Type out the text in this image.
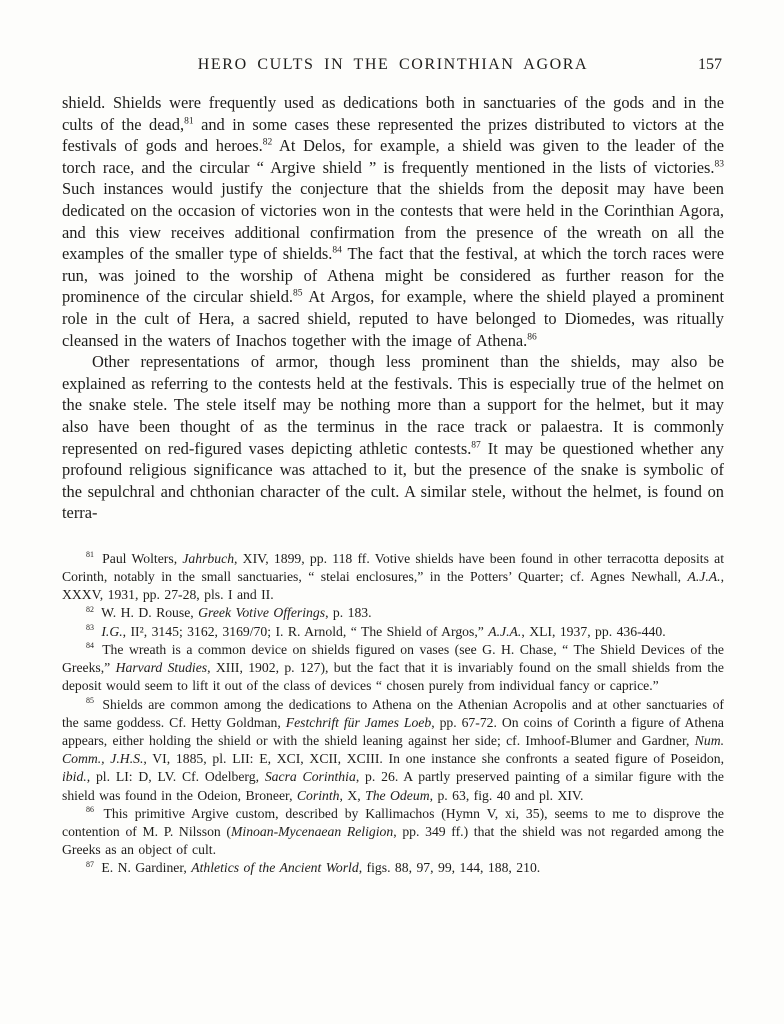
HERO CULTS IN THE CORINTHIAN AGORA	157

shield. Shields were frequently used as dedications both in sanctuaries of the gods and in the cults of the dead,$^{81}$ and in some cases these represented the prizes distributed to victors at the festivals of gods and heroes.$^{82}$ At Delos, for example, a shield was given to the leader of the torch race, and the circular “ Argive shield ” is frequently mentioned in the lists of victories.$^{83}$ Such instances would justify the conjecture that the shields from the deposit may have been dedicated on the occasion of victories won in the contests that were held in the Corinthian Agora, and this view receives additional confirmation from the presence of the wreath on all the examples of the smaller type of shields.$^{84}$ The fact that the festival, at which the torch races were run, was joined to the worship of Athena might be considered as further reason for the prominence of the circular shield.$^{85}$ At Argos, for example, where the shield played a prominent role in the cult of Hera, a sacred shield, reputed to have belonged to Diomedes, was ritually cleansed in the waters of Inachos together with the image of Athena.$^{86}$

Other representations of armor, though less prominent than the shields, may also be explained as referring to the contests held at the festivals. This is especially true of the helmet on the snake stele. The stele itself may be nothing more than a support for the helmet, but it may also have been thought of as the terminus in the race track or palaestra. It is commonly represented on red-figured vases depicting athletic contests.$^{87}$ It may be questioned whether any profound religious significance was attached to it, but the presence of the snake is symbolic of the sepulchral and chthonian character of the cult. A similar stele, without the helmet, is found on terra-

$^{81}$ Paul Wolters, Jahrbuch, XIV, 1899, pp. 118 ff. Votive shields have been found in other terracotta deposits at Corinth, notably in the small sanctuaries, “ stelai enclosures,” in the Potters’ Quarter; cf. Agnes Newhall, A.J.A., XXXV, 1931, pp. 27-28, pls. I and II.

$^{82}$ W. H. D. Rouse, Greek Votive Offerings, p. 183.

$^{83}$ I.G., II², 3145; 3162, 3169/70; I. R. Arnold, “ The Shield of Argos,” A.J.A., XLI, 1937, pp. 436-440.

$^{84}$ The wreath is a common device on shields figured on vases (see G. H. Chase, “ The Shield Devices of the Greeks,” Harvard Studies, XIII, 1902, p. 127), but the fact that it is invariably found on the small shields from the deposit would seem to lift it out of the class of devices “ chosen purely from individual fancy or caprice.”

$^{85}$ Shields are common among the dedications to Athena on the Athenian Acropolis and at other sanctuaries of the same goddess. Cf. Hetty Goldman, Festchrift für James Loeb, pp. 67-72. On coins of Corinth a figure of Athena appears, either holding the shield or with the shield leaning against her side; cf. Imhoof-Blumer and Gardner, Num. Comm., J.H.S., VI, 1885, pl. LII: E, XCI, XCII, XCIII. In one instance she confronts a seated figure of Poseidon, ibid., pl. LI: D, LV. Cf. Odelberg, Sacra Corinthia, p. 26. A partly preserved painting of a similar figure with the shield was found in the Odeion, Broneer, Corinth, X, The Odeum, p. 63, fig. 40 and pl. XIV.

$^{86}$ This primitive Argive custom, described by Kallimachos (Hymn V, xi, 35), seems to me to disprove the contention of M. P. Nilsson (Minoan-Mycenaean Religion, pp. 349 ff.) that the shield was not regarded among the Greeks as an object of cult.

$^{87}$ E. N. Gardiner, Athletics of the Ancient World, figs. 88, 97, 99, 144, 188, 210.
